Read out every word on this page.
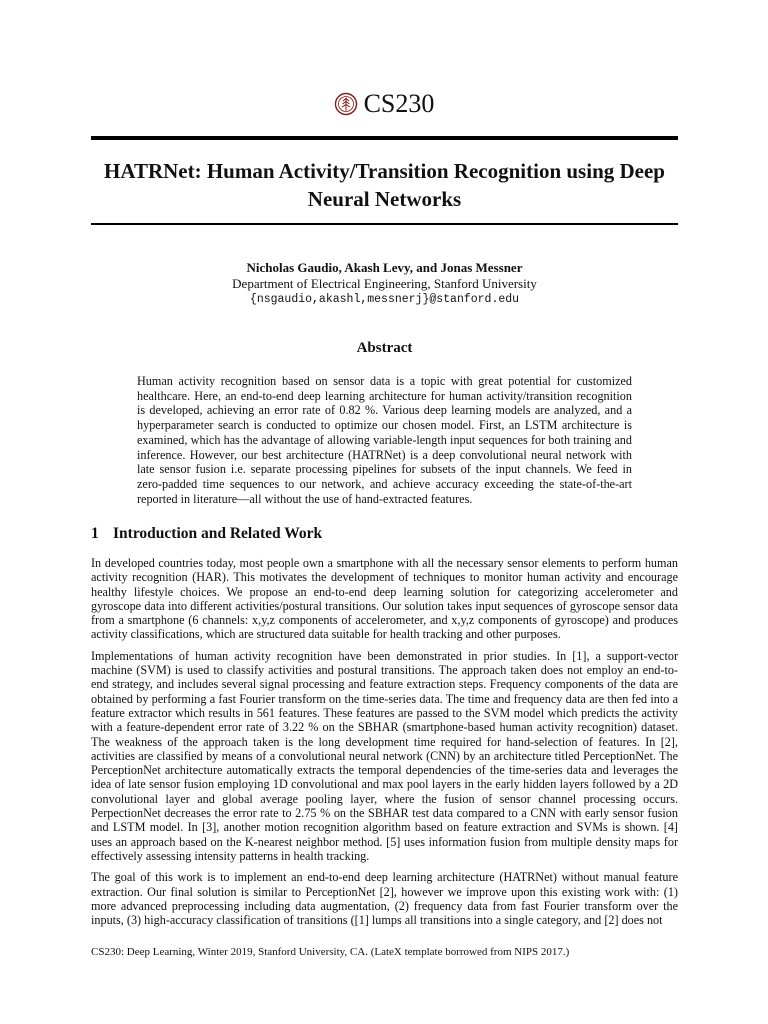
CS230
HATRNet: Human Activity/Transition Recognition using Deep
Neural Networks
Nicholas Gaudio, Akash Levy, and Jonas Messner
Department of Electrical Engineering, Stanford University
{nsgaudio,akashl,messnerj}@stanford.edu
Abstract
Human activity recognition based on sensor data is a topic with great potential for customized healthcare. Here, an end-to-end deep learning architecture for human activity/transition recognition is developed, achieving an error rate of 0.82 %. Various deep learning models are analyzed, and a hyperparameter search is conducted to optimize our chosen model. First, an LSTM architecture is examined, which has the advantage of allowing variable-length input sequences for both training and inference. However, our best architecture (HATRNet) is a deep convolutional neural network with late sensor fusion i.e. separate processing pipelines for subsets of the input channels. We feed in zero-padded time sequences to our network, and achieve accuracy exceeding the state-of-the-art reported in literature—all without the use of hand-extracted features.
1 Introduction and Related Work

In developed countries today, most people own a smartphone with all the necessary sensor elements to perform human activity recognition (HAR). This motivates the development of techniques to monitor human activity and encourage healthy lifestyle choices. We propose an end-to-end deep learning solution for categorizing accelerometer and gyroscope data into different activities/postural transitions. Our solution takes input sequences of gyroscope sensor data from a smartphone (6 channels: x,y,z components of accelerometer, and x,y,z components of gyroscope) and produces activity classifications, which are structured data suitable for health tracking and other purposes.

Implementations of human activity recognition have been demonstrated in prior studies. In [1], a support-vector machine (SVM) is used to classify activities and postural transitions. The approach taken does not employ an end-to-end strategy, and includes several signal processing and feature extraction steps. Frequency components of the data are obtained by performing a fast Fourier transform on the time-series data. The time and frequency data are then fed into a feature extractor which results in 561 features. These features are passed to the SVM model which predicts the activity with a feature-dependent error rate of 3.22 % on the SBHAR (smartphone-based human activity recognition) dataset. The weakness of the approach taken is the long development time required for hand-selection of features. In [2], activities are classified by means of a convolutional neural network (CNN) by an architecture titled PerceptionNet. The PerceptionNet architecture automatically extracts the temporal dependencies of the time-series data and leverages the idea of late sensor fusion employing 1D convolutional and max pool layers in the early hidden layers followed by a 2D convolutional layer and global average pooling layer, where the fusion of sensor channel processing occurs. PerpectionNet decreases the error rate to 2.75 % on the SBHAR test data compared to a CNN with early sensor fusion and LSTM model. In [3], another motion recognition algorithm based on feature extraction and SVMs is shown. [4] uses an approach based on the K-nearest neighbor method. [5] uses information fusion from multiple density maps for effectively assessing intensity patterns in health tracking.

The goal of this work is to implement an end-to-end deep learning architecture (HATRNet) without manual feature extraction. Our final solution is similar to PerceptionNet [2], however we improve upon this existing work with: (1) more advanced preprocessing including data augmentation, (2) frequency data from fast Fourier transform over the inputs, (3) high-accuracy classification of transitions ([1] lumps all transitions into a single category, and [2] does not

CS230: Deep Learning, Winter 2019, Stanford University, CA. (LateX template borrowed from NIPS 2017.)
